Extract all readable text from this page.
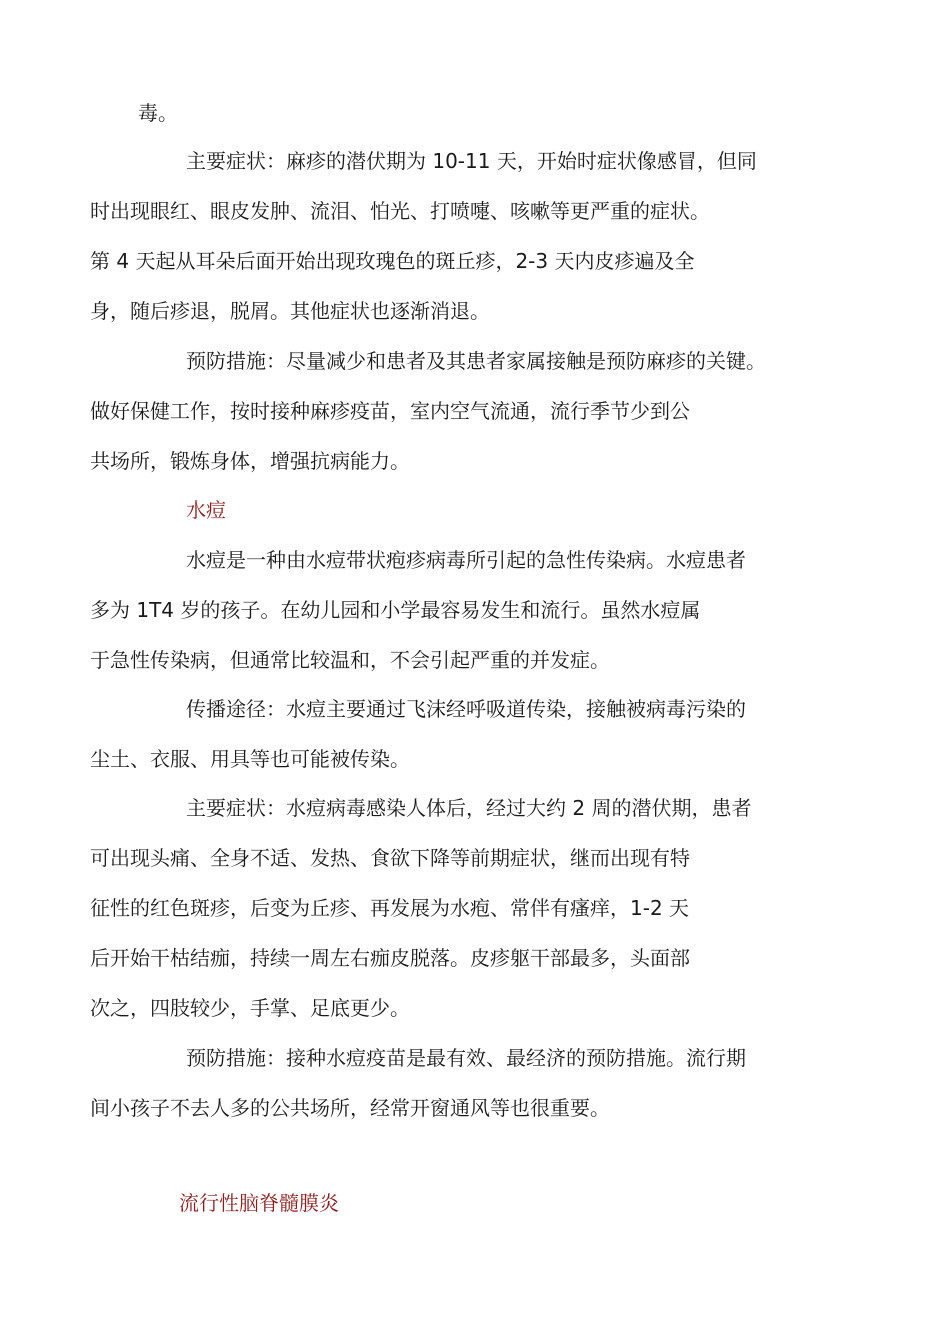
毒。

主要症状：麻疹的潜伏期为 10-11 天，开始时症状像感冒，但同
时出现眼红、眼皮发肿、流泪、怕光、打喷嚏、咳嗽等更严重的症状。
第 4 天起从耳朵后面开始出现玫瑰色的斑丘疹，2-3 天内皮疹遍及全
身，随后疹退，脱屑。其他症状也逐渐消退。

预防措施：尽量减少和患者及其患者家属接触是预防麻疹的关键。
做好保健工作，按时接种麻疹疫苗，室内空气流通，流行季节少到公
共场所，锻炼身体，增强抗病能力。

水痘

水痘是一种由水痘带状疱疹病毒所引起的急性传染病。水痘患者
多为 1T4 岁的孩子。在幼儿园和小学最容易发生和流行。虽然水痘属
于急性传染病，但通常比较温和，不会引起严重的并发症。

传播途径：水痘主要通过飞沫经呼吸道传染，接触被病毒污染的
尘土、衣服、用具等也可能被传染。

主要症状：水痘病毒感染人体后，经过大约 2 周的潜伏期，患者
可出现头痛、全身不适、发热、食欲下降等前期症状，继而出现有特
征性的红色斑疹，后变为丘疹、再发展为水疱、常伴有瘙痒，1-2 天
后开始干枯结痂，持续一周左右痂皮脱落。皮疹躯干部最多，头面部
次之，四肢较少，手掌、足底更少。

预防措施：接种水痘疫苗是最有效、最经济的预防措施。流行期
间小孩子不去人多的公共场所，经常开窗通风等也很重要。

流行性脑脊髓膜炎
